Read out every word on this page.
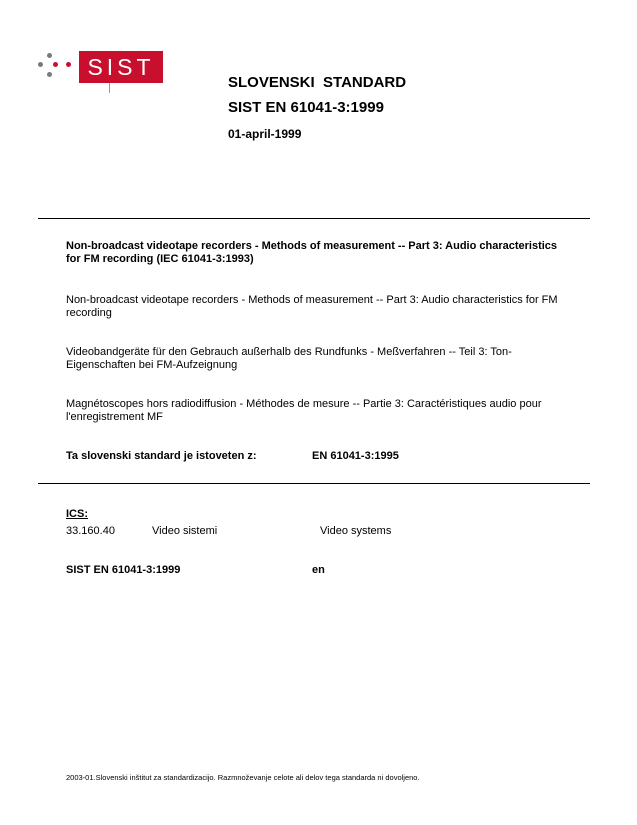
SIST
SLOVENSKI  STANDARD
SIST EN 61041-3:1999
01-april-1999
Non-broadcast videotape recorders - Methods of measurement -- Part 3: Audio characteristics for FM recording (IEC 61041-3:1993)
Non-broadcast videotape recorders - Methods of measurement -- Part 3: Audio characteristics for FM recording
Videobandgeräte für den Gebrauch außerhalb des Rundfunks - Meßverfahren -- Teil 3: Ton-Eigenschaften bei FM-Aufzeignung
Magnétoscopes hors radiodiffusion - Méthodes de mesure -- Partie 3: Caractéristiques audio pour l'enregistrement MF
Ta slovenski standard je istoveten z:	EN 61041-3:1995
ICS:
33.160.40	Video sistemi	Video systems
SIST EN 61041-3:1999	en
2003-01.Slovenski inštitut za standardizacijo. Razmnoževanje celote ali delov tega standarda ni dovoljeno.
